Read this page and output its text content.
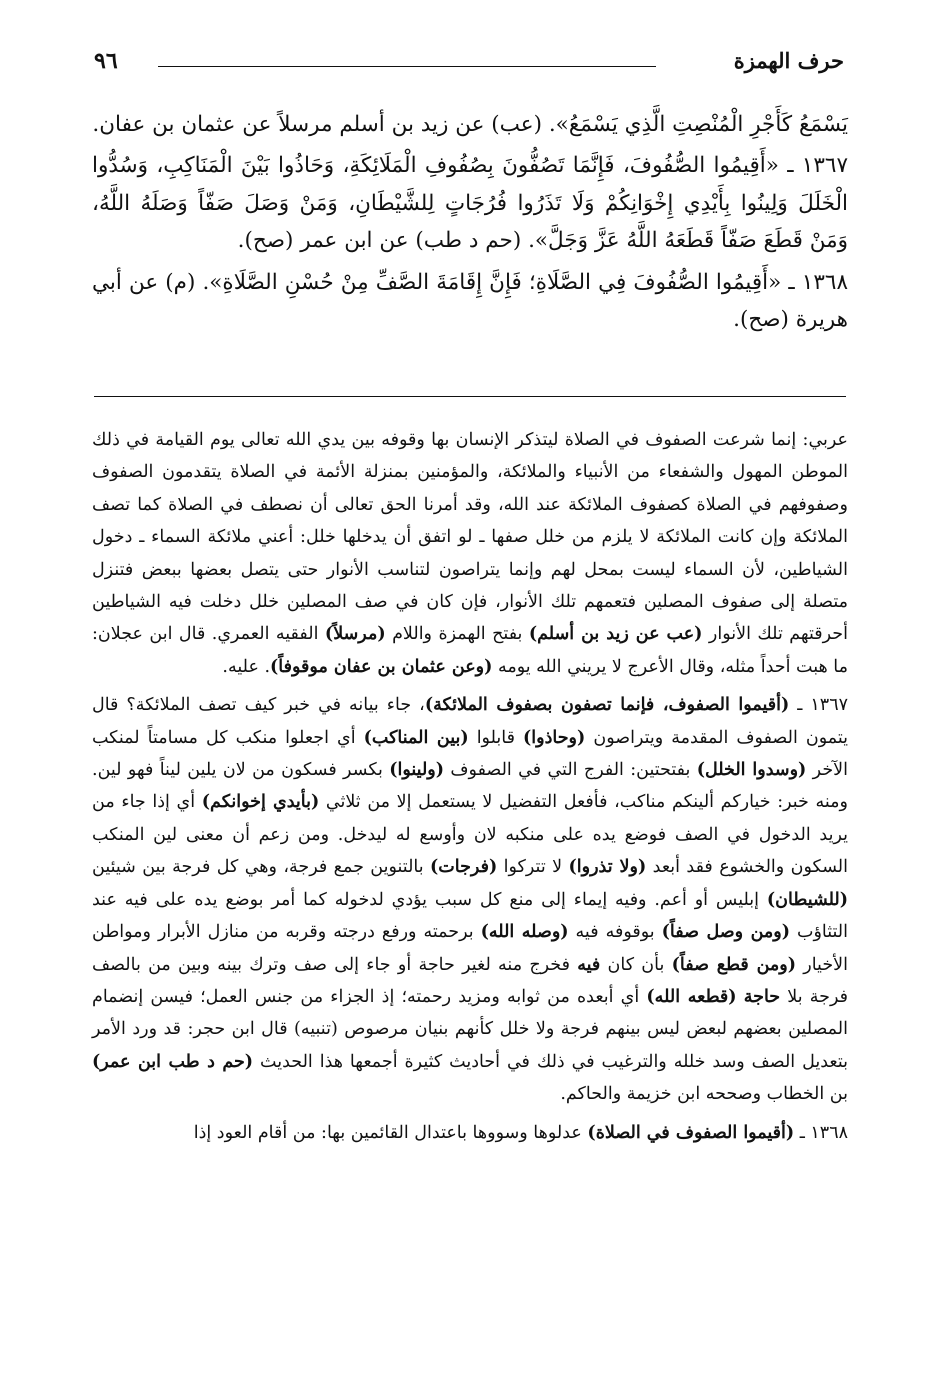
٩٦	حرف الهمزة

يَسْمَعُ كَأَجْرِ الْمُنْصِتِ الَّذِي يَسْمَعُ». (عب) عن زيد بن أسلم مرسلاً عن عثمان بن عفان.

١٣٦٧ ـ «أَقِيمُوا الصُّفُوفَ، فَإِنَّمَا تَصُفُّونَ بِصُفُوفِ الْمَلَائِكَةِ، وَحَاذُوا بَيْنَ الْمَنَاكِبِ، وَسُدُّوا الْخَلَلَ وَلِينُوا بِأَيْدِي إِخْوَانِكُمْ وَلَا تَذَرُوا فُرُجَاتٍ لِلشَّيْطَانِ، وَمَنْ وَصَلَ صَفّاً وَصَلَهُ اللَّهُ، وَمَنْ قَطَعَ صَفّاً قَطَعَهُ اللَّهُ عَزَّ وَجَلَّ». (حم د طب) عن ابن عمر (صح).

١٣٦٨ ـ «أَقِيمُوا الصُّفُوفَ فِي الصَّلَاةِ؛ فَإِنَّ إِقَامَةَ الصَّفِّ مِنْ حُسْنِ الصَّلَاةِ». (م) عن أبي هريرة (صح).

عربي: إنما شرعت الصفوف في الصلاة ليتذكر الإنسان بها وقوفه بين يدي الله تعالى يوم القيامة في ذلك الموطن المهول والشفعاء من الأنبياء والملائكة، والمؤمنين بمنزلة الأئمة في الصلاة يتقدمون الصفوف وصفوفهم في الصلاة كصفوف الملائكة عند الله، وقد أمرنا الحق تعالى أن نصطف في الصلاة كما تصف الملائكة وإن كانت الملائكة لا يلزم من خلل صفها ـ لو اتفق أن يدخلها خلل: أعني ملائكة السماء ـ دخول الشياطين، لأن السماء ليست بمحل لهم وإنما يتراصون لتناسب الأنوار حتى يتصل بعضها ببعض فتنزل متصلة إلى صفوف المصلين فتعمهم تلك الأنوار، فإن كان في صف المصلين خلل دخلت فيه الشياطين أحرقتهم تلك الأنوار (عب عن زيد بن أسلم) بفتح الهمزة واللام (مرسلاً) الفقيه العمري. قال ابن عجلان: ما هبت أحداً مثله، وقال الأعرج لا يريني الله يومه (وعن عثمان بن عفان موقوفاً). عليه.

١٣٦٧ ـ (أقيموا الصفوف، فإنما تصفون بصفوف الملائكة)، جاء بيانه في خبر كيف تصف الملائكة؟ قال يتمون الصفوف المقدمة ويتراصون (وحاذوا) قابلوا (بين المناكب) أي اجعلوا منكب كل مسامتاً لمنكب الآخر (وسدوا الخلل) بفتحتين: الفرج التي في الصفوف (ولينوا) بكسر فسكون من لان يلين ليناً فهو لين. ومنه خبر: خياركم ألينكم مناكب، فأفعل التفضيل لا يستعمل إلا من ثلاثي (بأيدي إخوانكم) أي إذا جاء من يريد الدخول في الصف فوضع يده على منكبه لان وأوسع له ليدخل. ومن زعم أن معنى لين المنكب السكون والخشوع فقد أبعد (ولا تذروا) لا تتركوا (فرجات) بالتنوين جمع فرجة، وهي كل فرجة بين شيئين (للشيطان) إبليس أو أعم. وفيه إيماء إلى منع كل سبب يؤدي لدخوله كما أمر بوضع يده على فيه عند التثاؤب (ومن وصل صفاً) بوقوفه فيه (وصله الله) برحمته ورفع درجته وقربه من منازل الأبرار ومواطن الأخيار (ومن قطع صفاً) بأن كان فيه فخرج منه لغير حاجة أو جاء إلى صف وترك بينه وبين من بالصف فرجة بلا حاجة (قطعه الله) أي أبعده من ثوابه ومزيد رحمته؛ إذ الجزاء من جنس العمل؛ فيسن إنضمام المصلين بعضهم لبعض ليس بينهم فرجة ولا خلل كأنهم بنيان مرصوص (تنبيه) قال ابن حجر: قد ورد الأمر بتعديل الصف وسد خلله والترغيب في ذلك في أحاديث كثيرة أجمعها هذا الحديث (حم د طب ابن عمر) بن الخطاب وصححه ابن خزيمة والحاكم.

١٣٦٨ ـ (أقيموا الصفوف في الصلاة) عدلوها وسووها باعتدال القائمين بها: من أقام العود إذا
